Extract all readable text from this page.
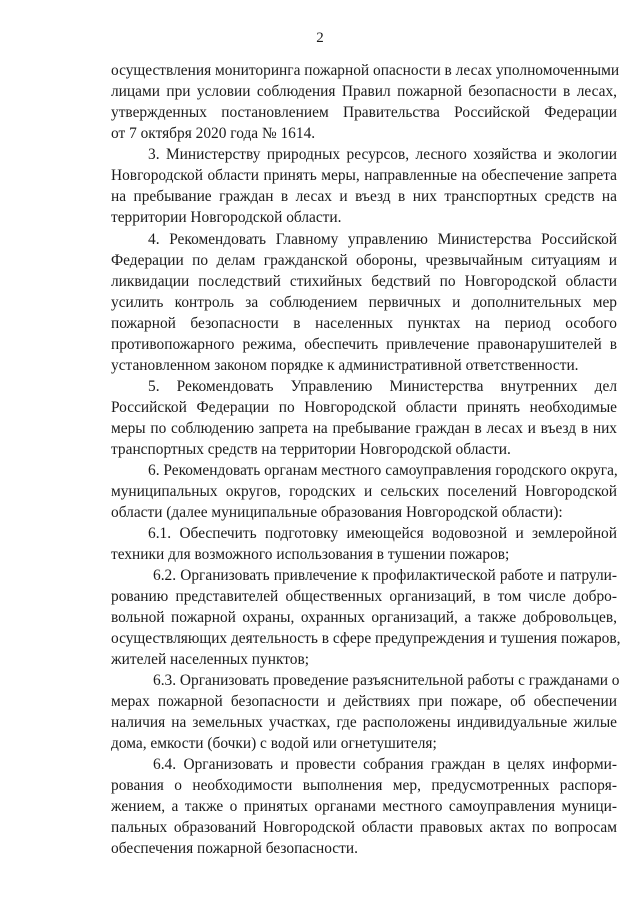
2
осуществления мониторинга пожарной опасности в лесах уполномоченными
лицами при условии соблюдения Правил пожарной безопасности в лесах,
утвержденных постановлением Правительства Российской Федерации
от 7 октября 2020 года № 1614.
3. Министерству природных ресурсов, лесного хозяйства и экологии
Новгородской области принять меры, направленные на обеспечение запрета
на пребывание граждан в лесах и въезд в них транспортных средств на
территории Новгородской области.
4. Рекомендовать Главному управлению Министерства Российской
Федерации по делам гражданской обороны, чрезвычайным ситуациям и
ликвидации последствий стихийных бедствий по Новгородской области
усилить контроль за соблюдением первичных и дополнительных мер
пожарной безопасности в населенных пунктах на период особого
противопожарного режима, обеспечить привлечение правонарушителей в
установленном законом порядке к административной ответственности.
5. Рекомендовать Управлению Министерства внутренних дел
Российской Федерации по Новгородской области принять необходимые
меры по соблюдению запрета на пребывание граждан в лесах и въезд в них
транспортных средств на территории Новгородской области.
6. Рекомендовать органам местного самоуправления городского округа,
муниципальных округов, городских и сельских поселений Новгородской
области (далее муниципальные образования Новгородской области):
6.1. Обеспечить подготовку имеющейся водовозной и землеройной
техники для возможного использования в тушении пожаров;
6.2. Организовать привлечение к профилактической работе и патрули-
рованию представителей общественных организаций, в том числе добро-
вольной пожарной охраны, охранных организаций, а также добровольцев,
осуществляющих деятельность в сфере предупреждения и тушения пожаров,
жителей населенных пунктов;
6.3. Организовать проведение разъяснительной работы с гражданами о
мерах пожарной безопасности и действиях при пожаре, об обеспечении
наличия на земельных участках, где расположены индивидуальные жилые
дома, емкости (бочки) с водой или огнетушителя;
6.4. Организовать и провести собрания граждан в целях информи-
рования о необходимости выполнения мер, предусмотренных распоря-
жением, а также о принятых органами местного самоуправления муници-
пальных образований Новгородской области правовых актах по вопросам
обеспечения пожарной безопасности.
